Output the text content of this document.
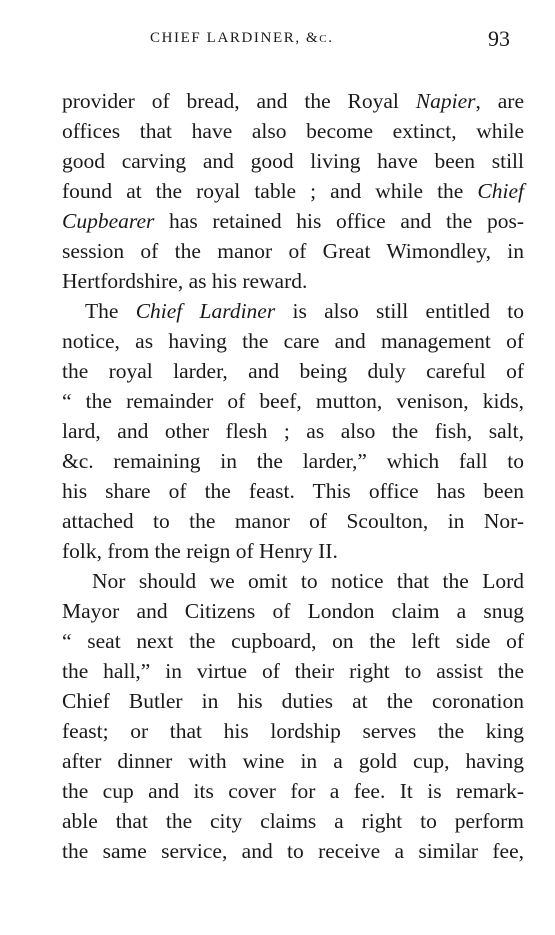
CHIEF LARDINER, &c.	93
provider of bread, and the Royal Napier, are
offices that have also become extinct, while
good carving and good living have been still
found at the royal table ; and while the Chief
Cupbearer has retained his office and the pos-
session of the manor of Great Wimondley, in
Hertfordshire, as his reward.
The Chief Lardiner is also still entitled to
notice, as having the care and management of
the royal larder, and being duly careful of
“ the remainder of beef, mutton, venison, kids,
lard, and other flesh ; as also the fish, salt,
&c. remaining in the larder,” which fall to
his share of the feast. This office has been
attached to the manor of Scoulton, in Nor-
folk, from the reign of Henry II.
Nor should we omit to notice that the Lord
Mayor and Citizens of London claim a snug
“ seat next the cupboard, on the left side of
the hall,” in virtue of their right to assist the
Chief Butler in his duties at the coronation
feast; or that his lordship serves the king
after dinner with wine in a gold cup, having
the cup and its cover for a fee. It is remark-
able that the city claims a right to perform
the same service, and to receive a similar fee,
